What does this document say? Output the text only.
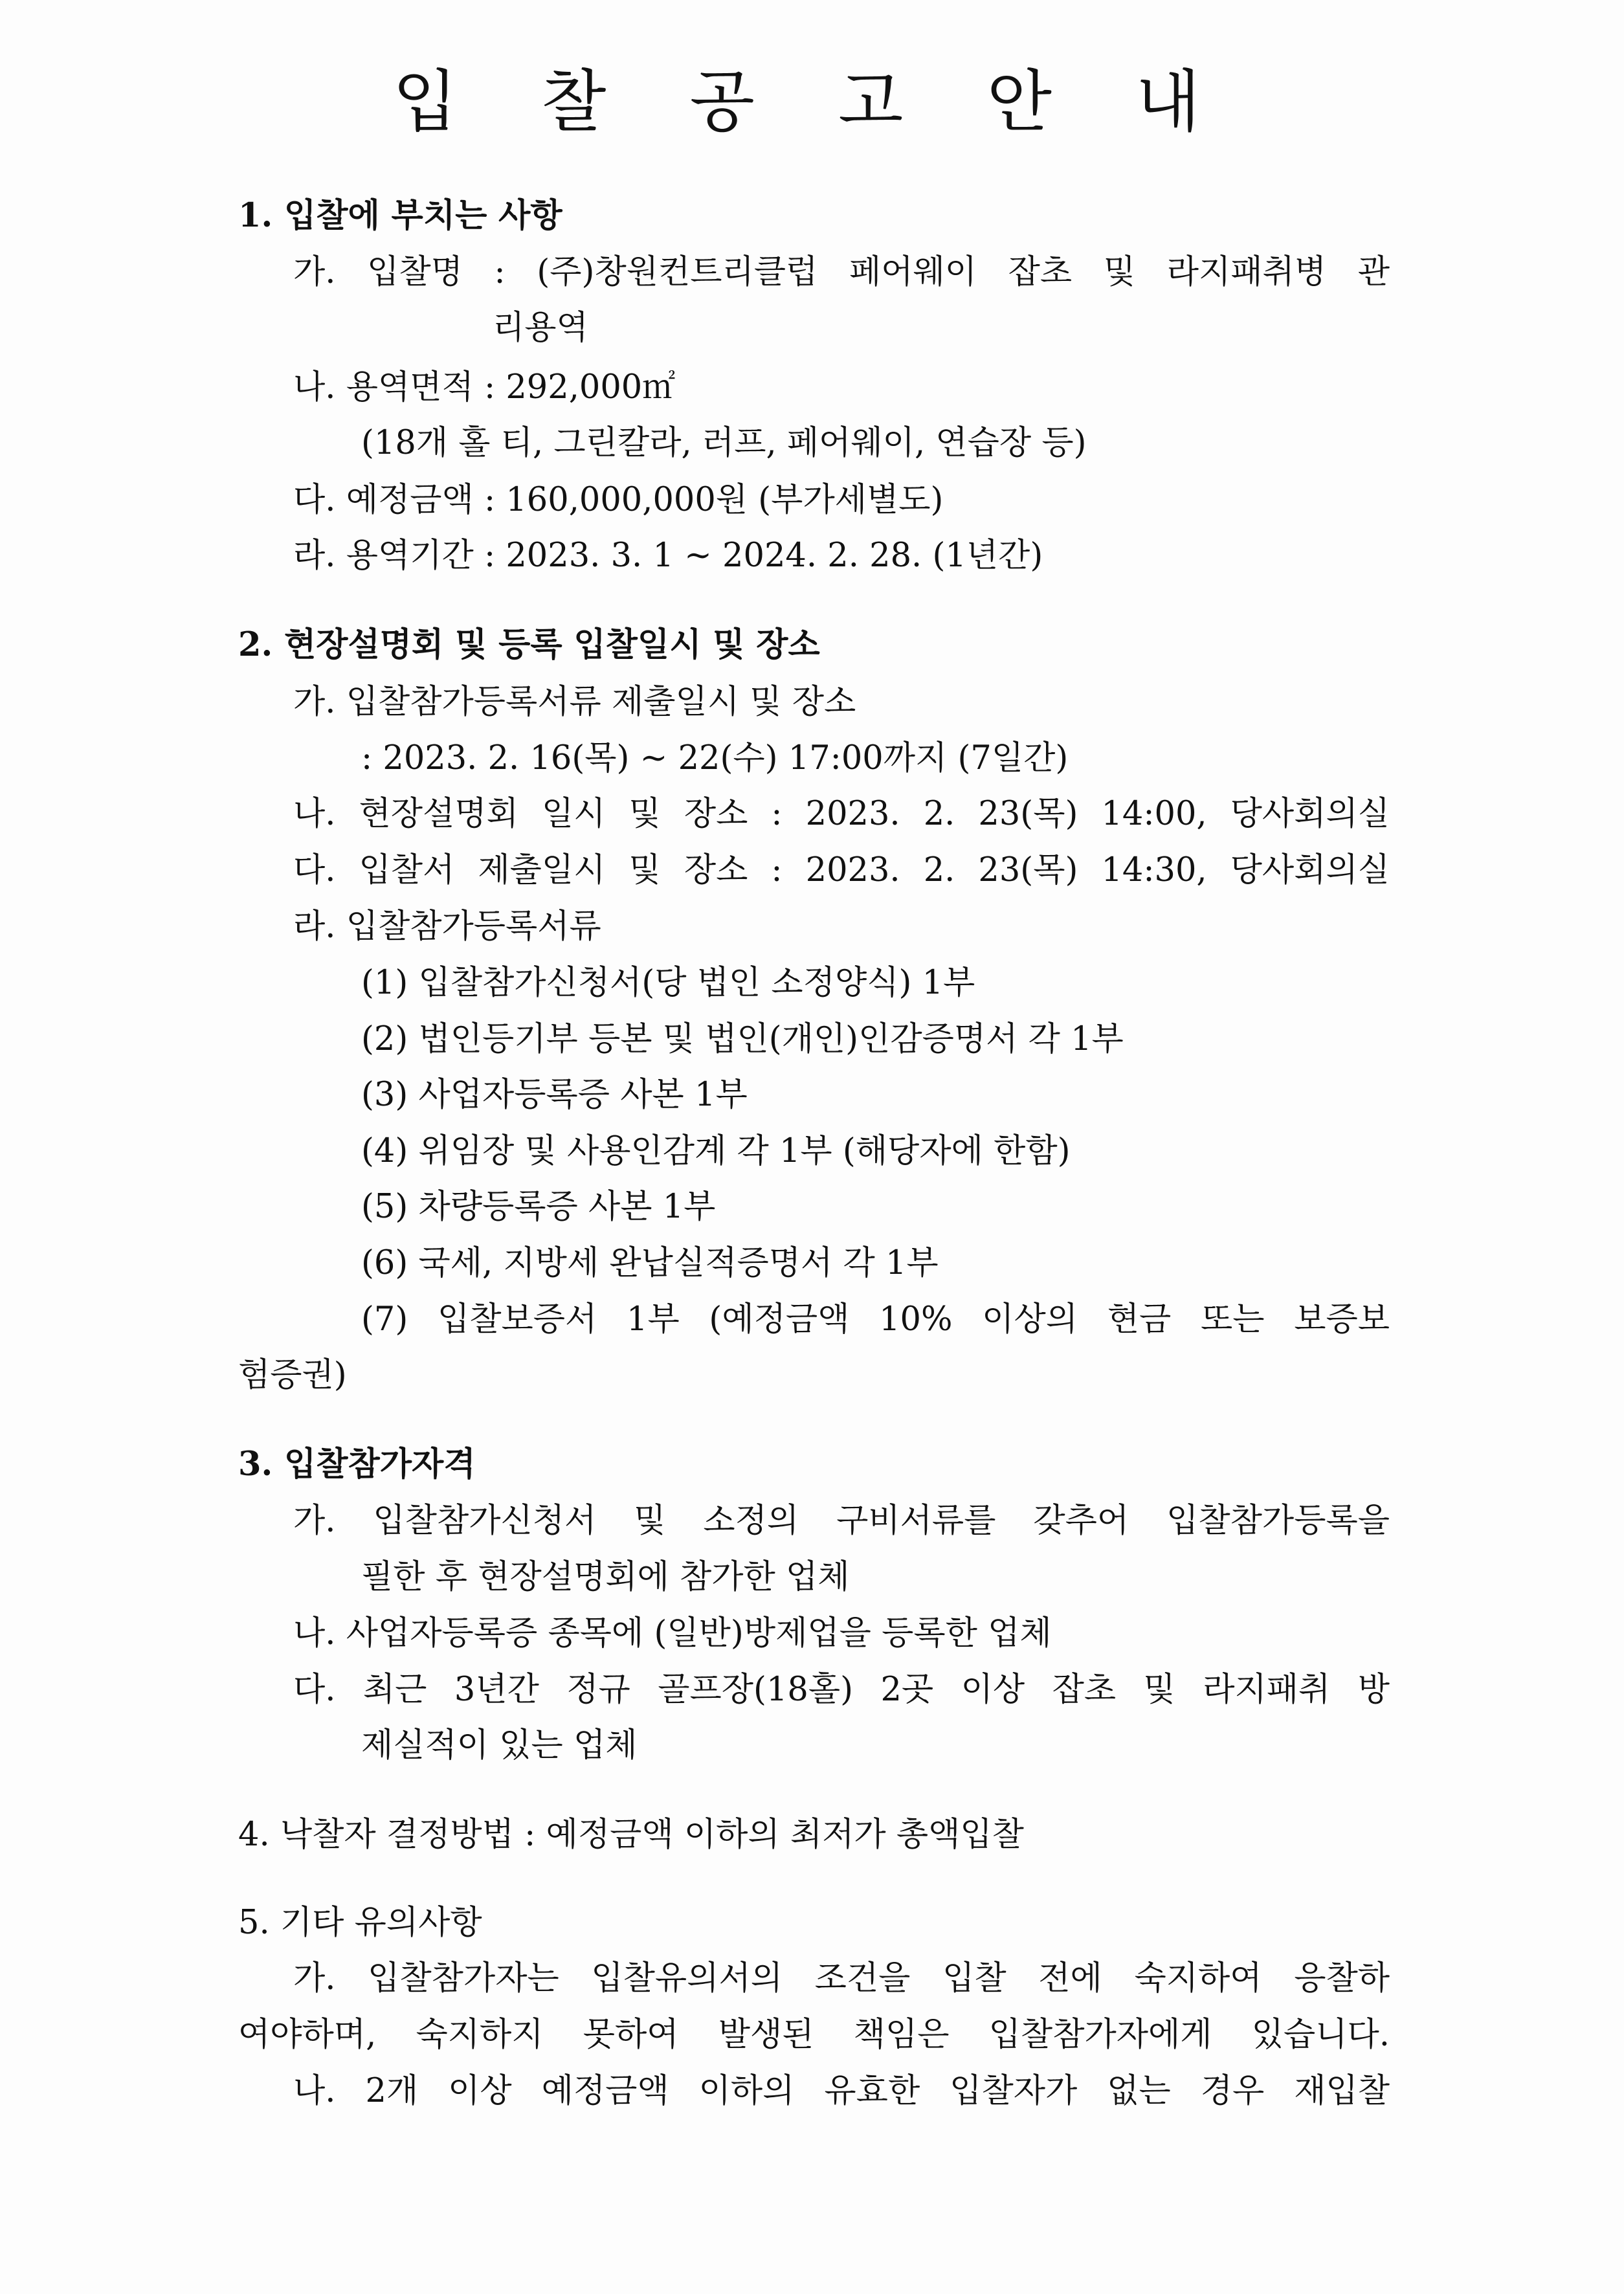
입 찰 공 고 안 내
1. 입찰에 부치는 사항
가. 입찰명 : (주)창원컨트리클럽 페어웨이 잡초 및 라지패취병 관
리용역
나. 용역면적 : 292,000㎡
(18개 홀 티, 그린칼라, 러프, 페어웨이, 연습장 등)
다. 예정금액 : 160,000,000원 (부가세별도)
라. 용역기간 : 2023. 3. 1 ~ 2024. 2. 28. (1년간)
2. 현장설명회 및 등록 입찰일시 및 장소
가. 입찰참가등록서류 제출일시 및 장소
: 2023. 2. 16(목) ~ 22(수) 17:00까지 (7일간)
나. 현장설명회 일시 및 장소 : 2023. 2. 23(목) 14:00, 당사회의실
다. 입찰서 제출일시 및 장소 : 2023. 2. 23(목) 14:30, 당사회의실
라. 입찰참가등록서류
(1) 입찰참가신청서(당 법인 소정양식) 1부
(2) 법인등기부 등본 및 법인(개인)인감증명서 각 1부
(3) 사업자등록증 사본 1부
(4) 위임장 및 사용인감계 각 1부 (해당자에 한함)
(5) 차량등록증 사본 1부
(6) 국세, 지방세 완납실적증명서 각 1부
(7) 입찰보증서 1부 (예정금액 10% 이상의 현금 또는 보증보
험증권)
3. 입찰참가자격
가. 입찰참가신청서 및 소정의 구비서류를 갖추어 입찰참가등록을
필한 후 현장설명회에 참가한 업체
나. 사업자등록증 종목에 (일반)방제업을 등록한 업체
다. 최근 3년간 정규 골프장(18홀) 2곳 이상 잡초 및 라지패취 방
제실적이 있는 업체
4. 낙찰자 결정방법 : 예정금액 이하의 최저가 총액입찰
5. 기타 유의사항
가. 입찰참가자는 입찰유의서의 조건을 입찰 전에 숙지하여 응찰하
여야하며, 숙지하지 못하여 발생된 책임은 입찰참가자에게 있습니다.
나. 2개 이상 예정금액 이하의 유효한 입찰자가 없는 경우 재입찰
